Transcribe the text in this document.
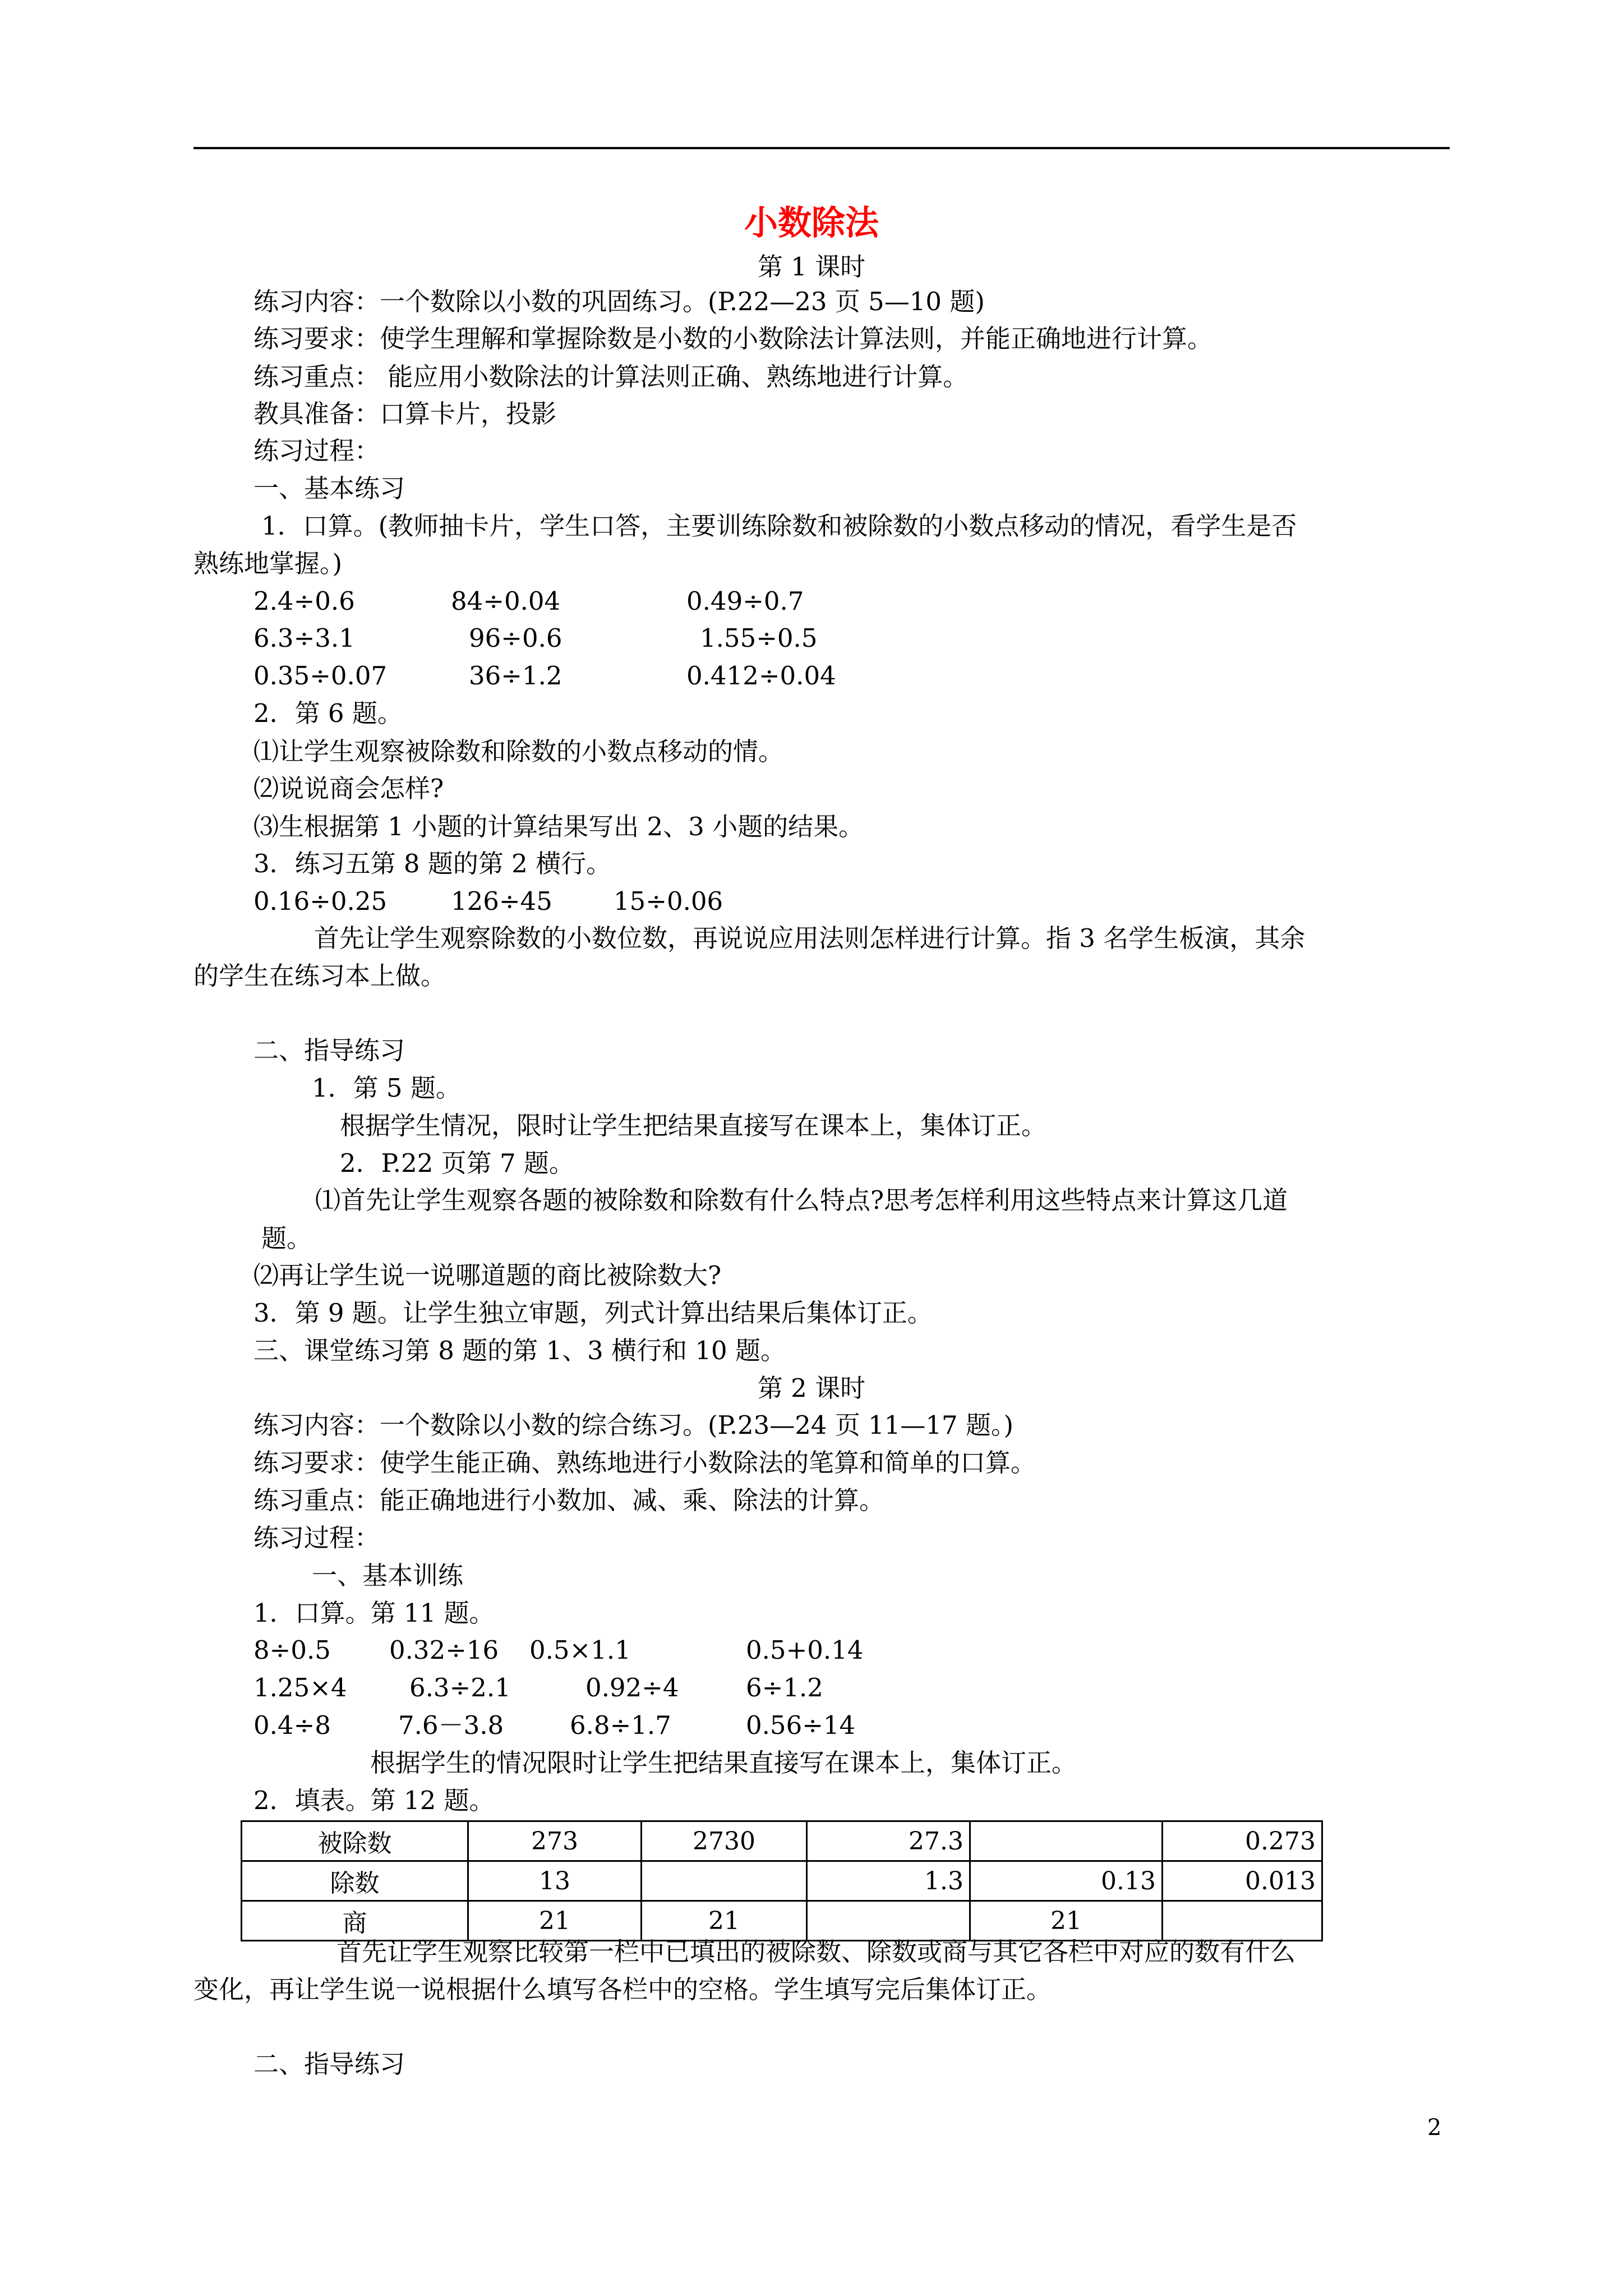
小数除法
第 1 课时
练习内容：一个数除以小数的巩固练习。(P.22—23 页 5—10 题)
练习要求：使学生理解和掌握除数是小数的小数除法计算法则，并能正确地进行计算。
练习重点： 能应用小数除法的计算法则正确、熟练地进行计算。
教具准备：口算卡片，投影
练习过程：
一、基本练习
1．口算。(教师抽卡片，学生口答，主要训练除数和被除数的小数点移动的情况，看学生是否
熟练地掌握。)
2.4÷0.6	84÷0.04	0.49÷0.7
6.3÷3.1	96÷0.6	1.55÷0.5
0.35÷0.07	36÷1.2	0.412÷0.04
2．第 6 题。
⑴让学生观察被除数和除数的小数点移动的情。
⑵说说商会怎样?
⑶生根据第 1 小题的计算结果写出 2、3 小题的结果。
3．练习五第 8 题的第 2 横行。
0.16÷0.25	126÷45 15÷0.06
首先让学生观察除数的小数位数，再说说应用法则怎样进行计算。指 3 名学生板演，其余
的学生在练习本上做。
二、指导练习
1．第 5 题。
根据学生情况，限时让学生把结果直接写在课本上，集体订正。
2．P.22 页第 7 题。
⑴首先让学生观察各题的被除数和除数有什么特点?思考怎样利用这些特点来计算这几道
题。
⑵再让学生说一说哪道题的商比被除数大?
3．第 9 题。让学生独立审题，列式计算出结果后集体订正。
三、课堂练习第 8 题的第 1、3 横行和 10 题。
第 2 课时
练习内容：一个数除以小数的综合练习。(P.23—24 页 11—17 题。)
练习要求：使学生能正确、熟练地进行小数除法的笔算和简单的口算。
练习重点：能正确地进行小数加、减、乘、除法的计算。
练习过程：
一、基本训练
1．口算。第 11 题。
8÷0.5 0.32÷16 0.5×1.1	0.5+0.14
1.25×4 6.3÷2.1	0.92÷4	6÷1.2
0.4÷8	7.6－3.8	6.8÷1.7	0.56÷14
根据学生的情况限时让学生把结果直接写在课本上，集体订正。
2．填表。第 12 题。
被除数	273	2730	27.3		0.273
除数	13		1.3	0.13	0.013
商	21	21		21	
首先让学生观察比较第一栏中已填出的被除数、除数或商与其它各栏中对应的数有什么
变化，再让学生说一说根据什么填写各栏中的空格。学生填写完后集体订正。
二、指导练习
2
